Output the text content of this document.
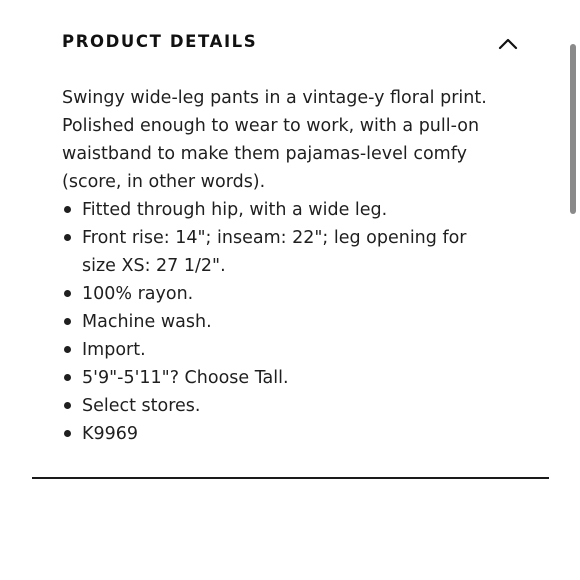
PRODUCT DETAILS

Swingy wide-leg pants in a vintage-y floral print. Polished enough to wear to work, with a pull-on waistband to make them pajamas-level comfy (score, in other words).

Fitted through hip, with a wide leg.
Front rise: 14"; inseam: 22"; leg opening for size XS: 27 1/2".
100% rayon.
Machine wash.
Import.
5'9"-5'11"? Choose Tall.
Select stores.
K9969
